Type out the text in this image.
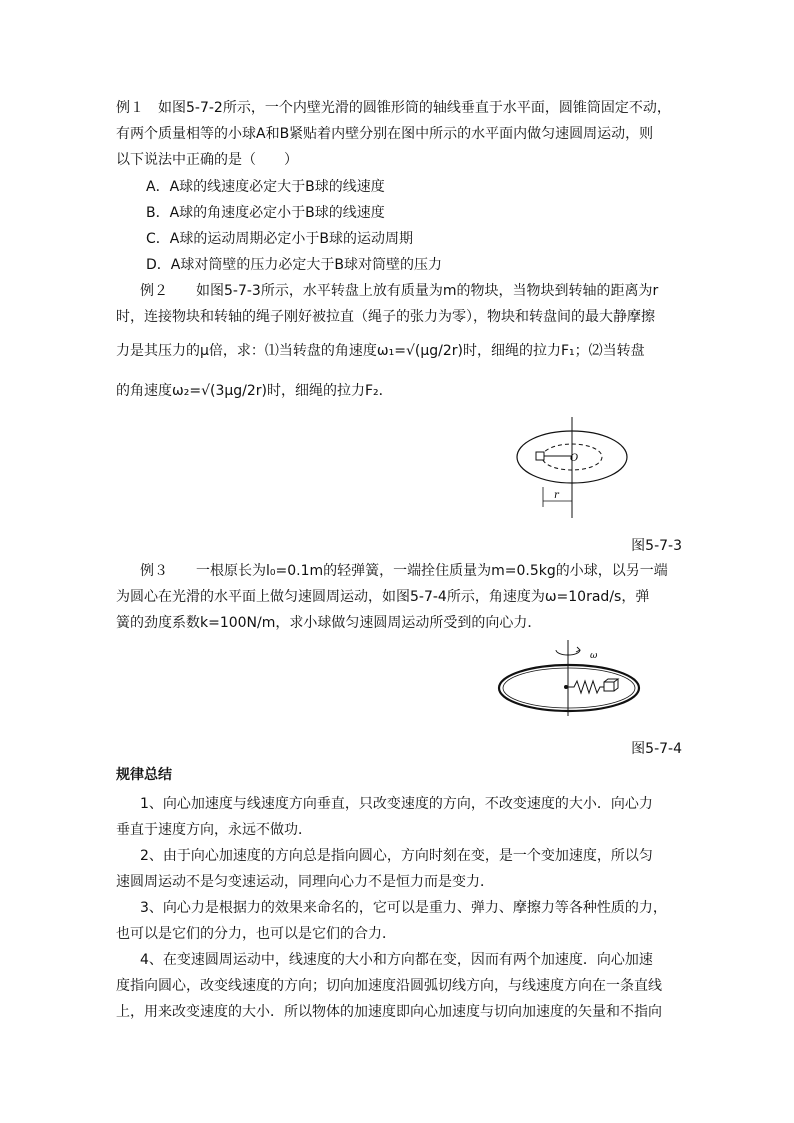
例１　如图5-7-2所示，一个内壁光滑的圆锥形筒的轴线垂直于水平面，圆锥筒固定不动，
有两个质量相等的小球A和B紧贴着内壁分别在图中所示的水平面内做匀速圆周运动，则
以下说法中正确的是（　　）
A．A球的线速度必定大于B球的线速度
B．A球的角速度必定小于B球的线速度
C．A球的运动周期必定小于B球的运动周期
D．A球对筒壁的压力必定大于B球对筒壁的压力
例２　　如图5-7-3所示，水平转盘上放有质量为m的物块，当物块到转轴的距离为r
时，连接物块和转轴的绳子刚好被拉直（绳子的张力为零），物块和转盘间的最大静摩擦
力是其压力的μ倍，求：⑴当转盘的角速度ω₁=√(μg/2r)时，细绳的拉力F₁；⑵当转盘
的角速度ω₂=√(3μg/2r)时，细绳的拉力F₂．
O
r
图5-7-3
例３　　一根原长为l₀=0.1m的轻弹簧，一端拴住质量为m=0.5kg的小球，以另一端
为圆心在光滑的水平面上做匀速圆周运动，如图5-7-4所示，角速度为ω=10rad/s，弹
簧的劲度系数k=100N/m，求小球做匀速圆周运动所受到的向心力．
ω
图5-7-4
规律总结
1、向心加速度与线速度方向垂直，只改变速度的方向，不改变速度的大小．向心力
垂直于速度方向，永远不做功．
2、由于向心加速度的方向总是指向圆心，方向时刻在变，是一个变加速度，所以匀
速圆周运动不是匀变速运动，同理向心力不是恒力而是变力．
3、向心力是根据力的效果来命名的，它可以是重力、弹力、摩擦力等各种性质的力，
也可以是它们的分力，也可以是它们的合力．
4、在变速圆周运动中，线速度的大小和方向都在变，因而有两个加速度．向心加速
度指向圆心，改变线速度的方向；切向加速度沿圆弧切线方向，与线速度方向在一条直线
上，用来改变速度的大小．所以物体的加速度即向心加速度与切向加速度的矢量和不指向
